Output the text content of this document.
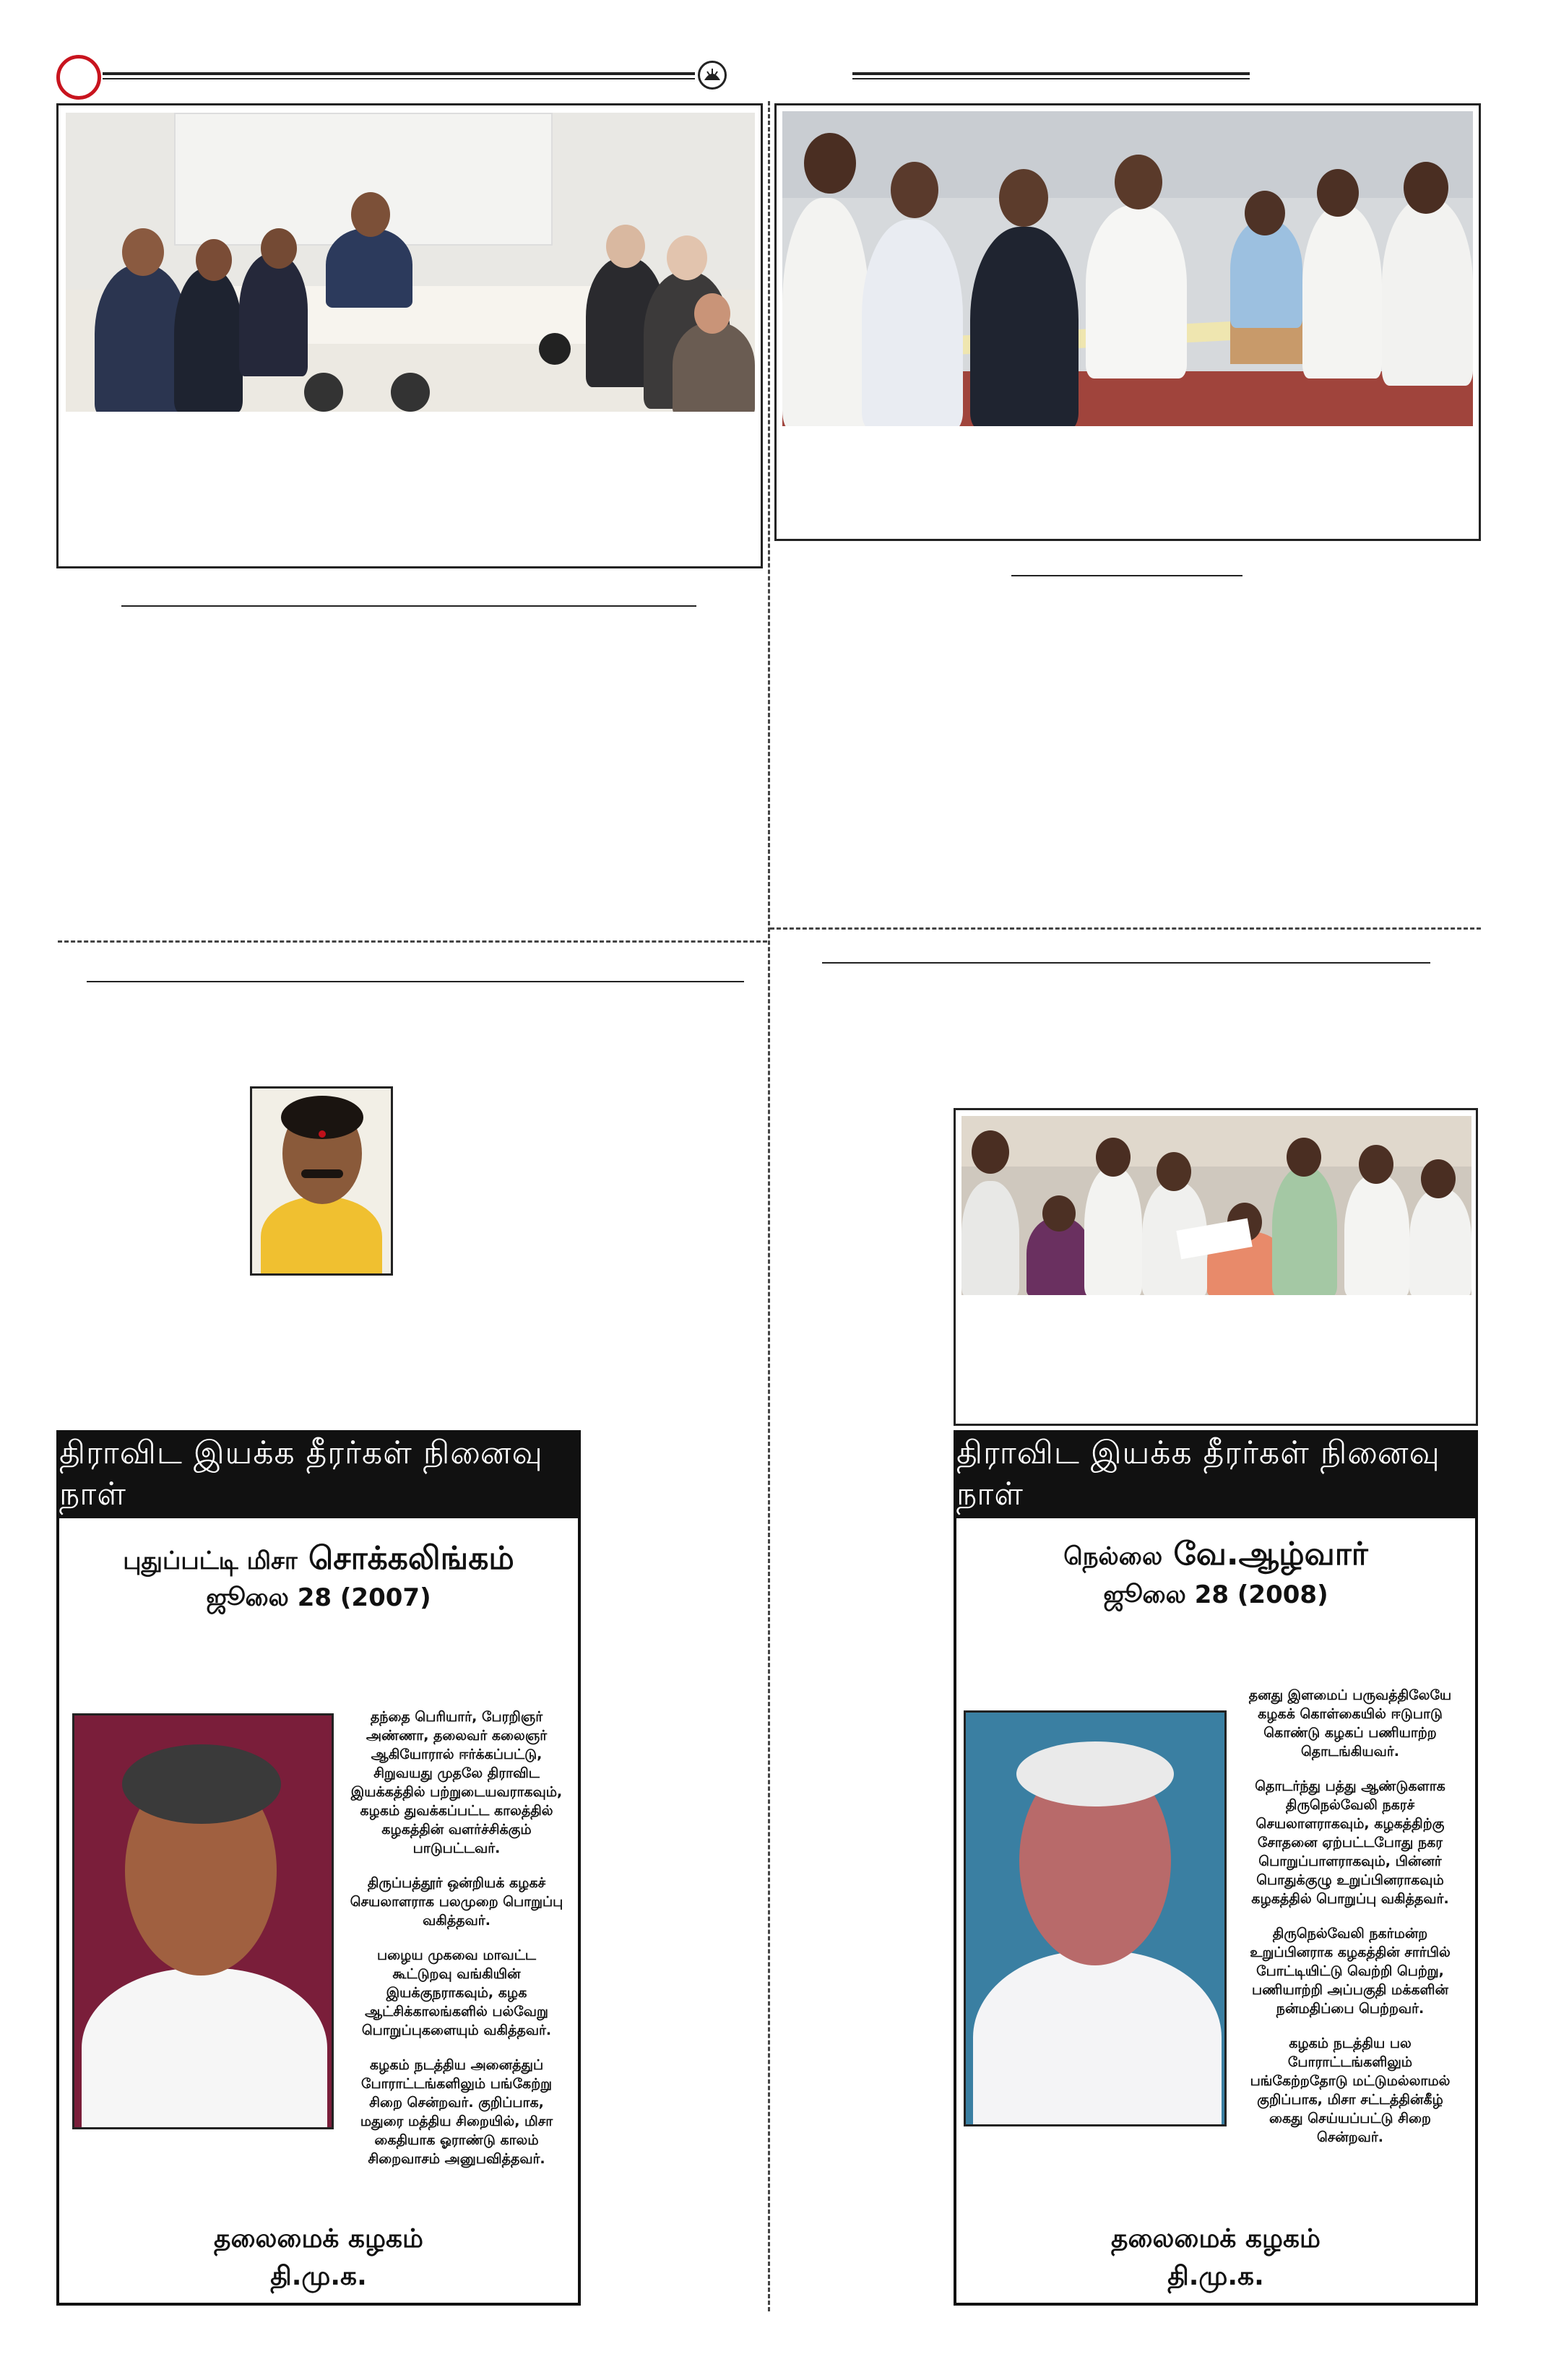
திராவிட இயக்க தீரர்கள் நினைவு நாள்
புதுப்பட்டி மிசா சொக்கலிங்கம்
ஜூலை 28 (2007)

தந்தை பெரியார், பேரறிஞர் அண்ணா, தலைவர் கலைஞர் ஆகியோரால் ஈர்க்கப்பட்டு, சிறுவயது முதலே திராவிட இயக்கத்தில் பற்றுடையவராகவும், கழகம் துவக்கப்பட்ட காலத்தில் கழகத்தின் வளர்ச்சிக்கும் பாடுபட்டவர்.

திருப்பத்தூர் ஒன்றியக் கழகச் செயலாளராக பலமுறை பொறுப்பு வகித்தவர்.

பழைய முகவை மாவட்ட கூட்டுறவு வங்கியின் இயக்குநராகவும், கழக ஆட்சிக்காலங்களில் பல்வேறு பொறுப்புகளையும் வகித்தவர்.

கழகம் நடத்திய அனைத்துப் போராட்டங்களிலும் பங்கேற்று சிறை சென்றவர். குறிப்பாக, மதுரை மத்திய சிறையில், மிசா கைதியாக ஓராண்டு காலம் சிறைவாசம் அனுபவித்தவர்.

தலைமைக் கழகம்
தி.மு.க.
திராவிட இயக்க தீரர்கள் நினைவு நாள்
நெல்லை வே.ஆழ்வார்
ஜூலை 28 (2008)

தனது இளமைப் பருவத்திலேயே கழகக் கொள்கையில் ஈடுபாடு கொண்டு கழகப் பணியாற்ற தொடங்கியவர்.

தொடர்ந்து பத்து ஆண்டுகளாக திருநெல்வேலி நகரச் செயலாளராகவும், கழகத்திற்கு சோதனை ஏற்பட்டபோது நகர பொறுப்பாளராகவும், பின்னர் பொதுக்குழு உறுப்பினராகவும் கழகத்தில் பொறுப்பு வகித்தவர்.

திருநெல்வேலி நகர்மன்ற உறுப்பினராக கழகத்தின் சார்பில் போட்டியிட்டு வெற்றி பெற்று, பணியாற்றி அப்பகுதி மக்களின் நன்மதிப்பை பெற்றவர்.

கழகம் நடத்திய பல போராட்டங்களிலும் பங்கேற்றதோடு மட்டுமல்லாமல் குறிப்பாக, மிசா சட்டத்தின்கீழ் கைது செய்யப்பட்டு சிறை சென்றவர்.

தலைமைக் கழகம்
தி.மு.க.
